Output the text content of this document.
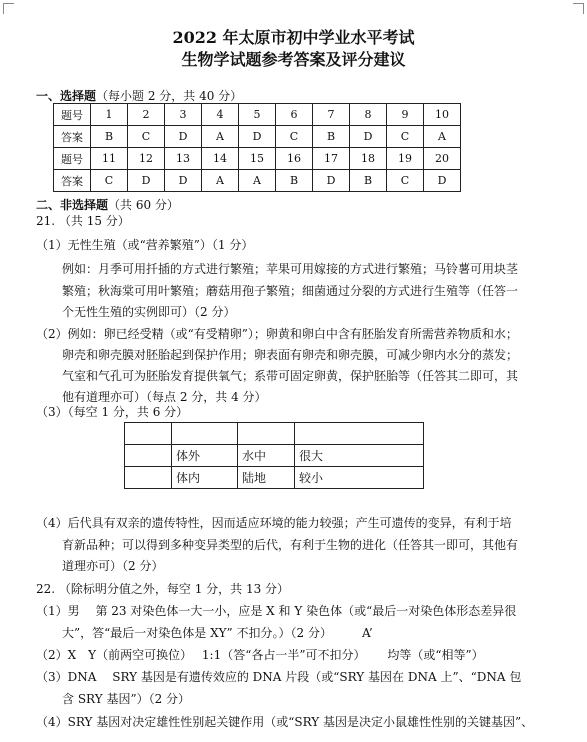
2022 年太原市初中学业水平考试
生物学试题参考答案及评分建议
一、选择题（每小题 2 分，共 40 分）
题号	1	2	3	4	5	6	7	8	9	10
答案	B	C	D	A	D	C	B	D	C	A
题号	11	12	13	14	15	16	17	18	19	20
答案	C	D	D	A	A	B	D	B	C	D
二、非选择题（共 60 分）
21. （共 15 分）
（1）无性生殖（或“营养繁殖”）（1 分）
例如：月季可用扦插的方式进行繁殖；苹果可用嫁接的方式进行繁殖；马铃薯可用块茎
繁殖；秋海棠可用叶繁殖；蘑菇用孢子繁殖；细菌通过分裂的方式进行生殖等（任答一
个无性生殖的实例即可）（2 分）
（2）例如：卵已经受精（或“有受精卵”）；卵黄和卵白中含有胚胎发育所需营养物质和水；
卵壳和卵壳膜对胚胎起到保护作用；卵表面有卵壳和卵壳膜，可减少卵内水分的蒸发；
气室和气孔可为胚胎发育提供氧气；系带可固定卵黄，保护胚胎等（任答其二即可，其
他有道理亦可）（每点 2 分，共 4 分）
（3）（每空 1 分，共 6 分）

	体外	水中	很大
	体内	陆地	较小
（4）后代具有双亲的遗传特性，因而适应环境的能力较强；产生可遗传的变异，有利于培
育新品种；可以得到多种变异类型的后代，有利于生物的进化（任答其一即可，其他有
道理亦可）（2 分）
22. （除标明分值之外，每空 1 分，共 13 分）
（1）男　 第 23 对染色体一大一小，应是 X 和 Y 染色体（或“最后一对染色体形态差异很
大”，答“最后一对染色体是 XY” 不扣分。）（2 分）　　　A’
（2）X　Y（前两空可换位）　 1:1（答“各占一半”可不扣分）　　 均等（或“相等”）
（3）DNA　 SRY 基因是有遗传效应的 DNA 片段（或“SRY 基因在 DNA 上”、“DNA 包
含 SRY 基因”）（2 分）
（4）SRY 基因对决定雄性性别起关键作用（或“SRY 基因是决定小鼠雄性性别的关键基因”、
